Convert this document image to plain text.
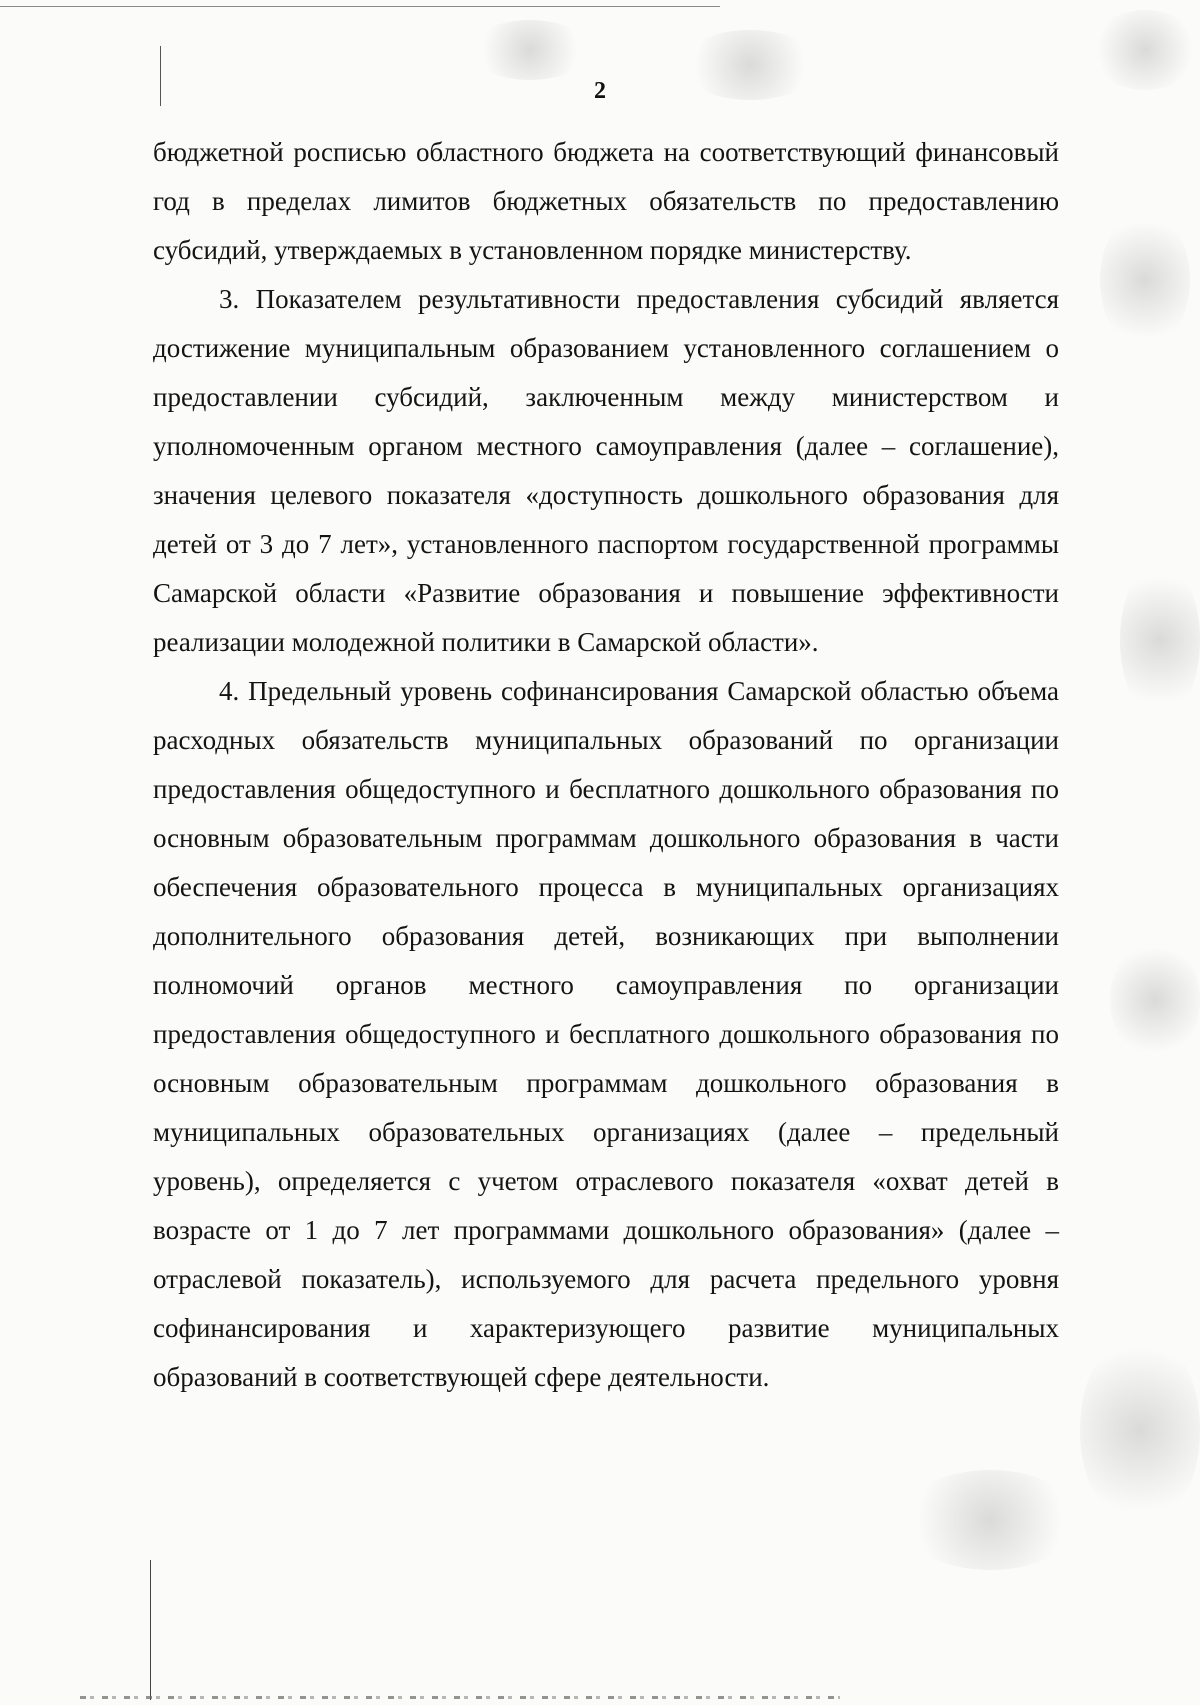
2

бюджетной росписью областного бюджета на соответствующий финансовый год в пределах лимитов бюджетных обязательств по предоставлению субсидий, утверждаемых в установленном порядке министерству.

3. Показателем результативности предоставления субсидий является достижение муниципальным образованием установленного соглашением о предоставлении субсидий, заключенным между министерством и уполномоченным органом местного самоуправления (далее – соглашение), значения целевого показателя «доступность дошкольного образования для детей от 3 до 7 лет», установленного паспортом государственной программы Самарской области «Развитие образования и повышение эффективности реализации молодежной политики в Самарской области».

4. Предельный уровень софинансирования Самарской областью объема расходных обязательств муниципальных образований по организации предоставления общедоступного и бесплатного дошкольного образования по основным образовательным программам дошкольного образования в части обеспечения образовательного процесса в муниципальных организациях дополнительного образования детей, возникающих при выполнении полномочий органов местного самоуправления по организации предоставления общедоступного и бесплатного дошкольного образования по основным образовательным программам дошкольного образования в муниципальных образовательных организациях (далее – предельный уровень), определяется с учетом отраслевого показателя «охват детей в возрасте от 1 до 7 лет программами дошкольного образования» (далее – отраслевой показатель), используемого для расчета предельного уровня софинансирования и характеризующего развитие муниципальных образований в соответствующей сфере деятельности.
